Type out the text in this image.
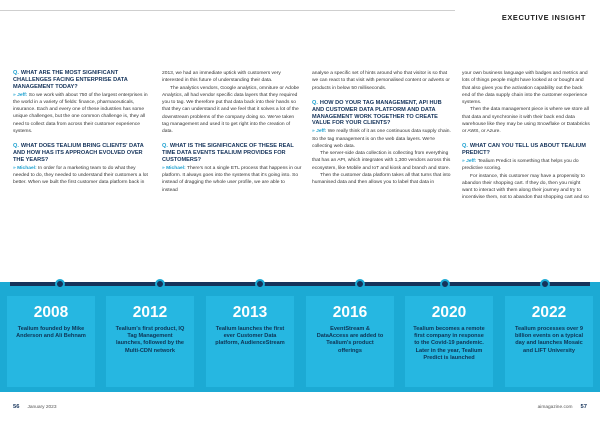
EXECUTIVE INSIGHT
Q. WHAT ARE THE MOST SIGNIFICANT CHALLENGES FACING ENTERPRISE DATA MANAGEMENT TODAY?

» Jeff: So we work with about 750 of the largest enterprises in the world in a variety of fields: finance, pharmaceuticals, insurance. Each and every one of these industries has some unique challenges, but the one common challenge is, they all need to collect data from across their customer experience systems.

Q. WHAT DOES TEALIUM BRING CLIENTS' DATA AND HOW HAS ITS APPROACH EVOLVED OVER THE YEARS?

» Michael: In order for a marketing team to do what they needed to do, they needed to understand their customers a lot better. When we built the first customer data platform back in

2013, we had an immediate uptick with customers very interested in this future of understanding their data.

The analytics vendors, Google analytics, omniture or Adobe Analytics, all had vendor specific data layers that they required you to tag. We therefore put that data back into their hands so that they can understand it and we feel that it solves a lot of the downstream problems of the company doing so. We've taken tag management and used it to get right into the creation of data.

Q. WHAT IS THE SIGNIFICANCE OF THESE REAL TIME DATA EVENTS TEALIUM PROVIDES FOR CUSTOMERS?

» Michael: There's not a single ETL process that happens in our platform. It always goes into the systems that it's going into. So instead of dragging the whole user profile, we are able to instead

analyse a specific set of hints around who that visitor is so that we can react to that visit with personalised content or adverts or products in below 50 milliseconds.

Q. HOW DO YOUR TAG MANAGEMENT, API HUB AND CUSTOMER DATA PLATFORM AND DATA MANAGEMENT WORK TOGETHER TO CREATE VALUE FOR YOUR CLIENTS?

» Jeff: We really think of it as one continuous data supply chain. So the tag management is on the web data layers. We're collecting web data.

The server-side data collection is collecting from everything that has an API, which integrates with 1,300 vendors across this ecosystem, like Mobile and IoT and kiosk and branch and store.

Then the customer data platform takes all that turns that into humanised data and then allows you to label that data in

your own business language with badges and metrics and lots of things people might have looked at or bought and that also gives you the activation capability out the back end of the data supply chain into the customer experience systems.

Then the data management piece is where we store all that data and synchronise it with their back end data warehouse like they may be using Snowflake or Databricks or AWS, or Azure.

Q. WHAT CAN YOU TELL US ABOUT TEALIUM PREDICT?

» Jeff: Tealium Predict is something that helps you do predictive scoring.

For instance, this customer may have a propensity to abandon their shopping cart. If they do, then you might want to interact with them along their journey and try to incentivise them, not to abandon that shopping cart and so

2008
Tealium founded by Mike Anderson and Ali Behnam
2012
Tealium's first product, IQ Tag Management launches, followed by the Multi-CDN network
2013
Tealium launches the first ever Customer Data platform, AudienceStream
2016
EventStream & DataAccess are added to Tealium's product offerings
2020
Tealium becomes a remote first company in response to the Covid-19 pandemic. Later in the year, Tealium Predict is launched
2022
Tealium processes over 9 billion events on a typical day and launches Mosaic and LIFT University
56 January 2023	aimagazine.com 57
